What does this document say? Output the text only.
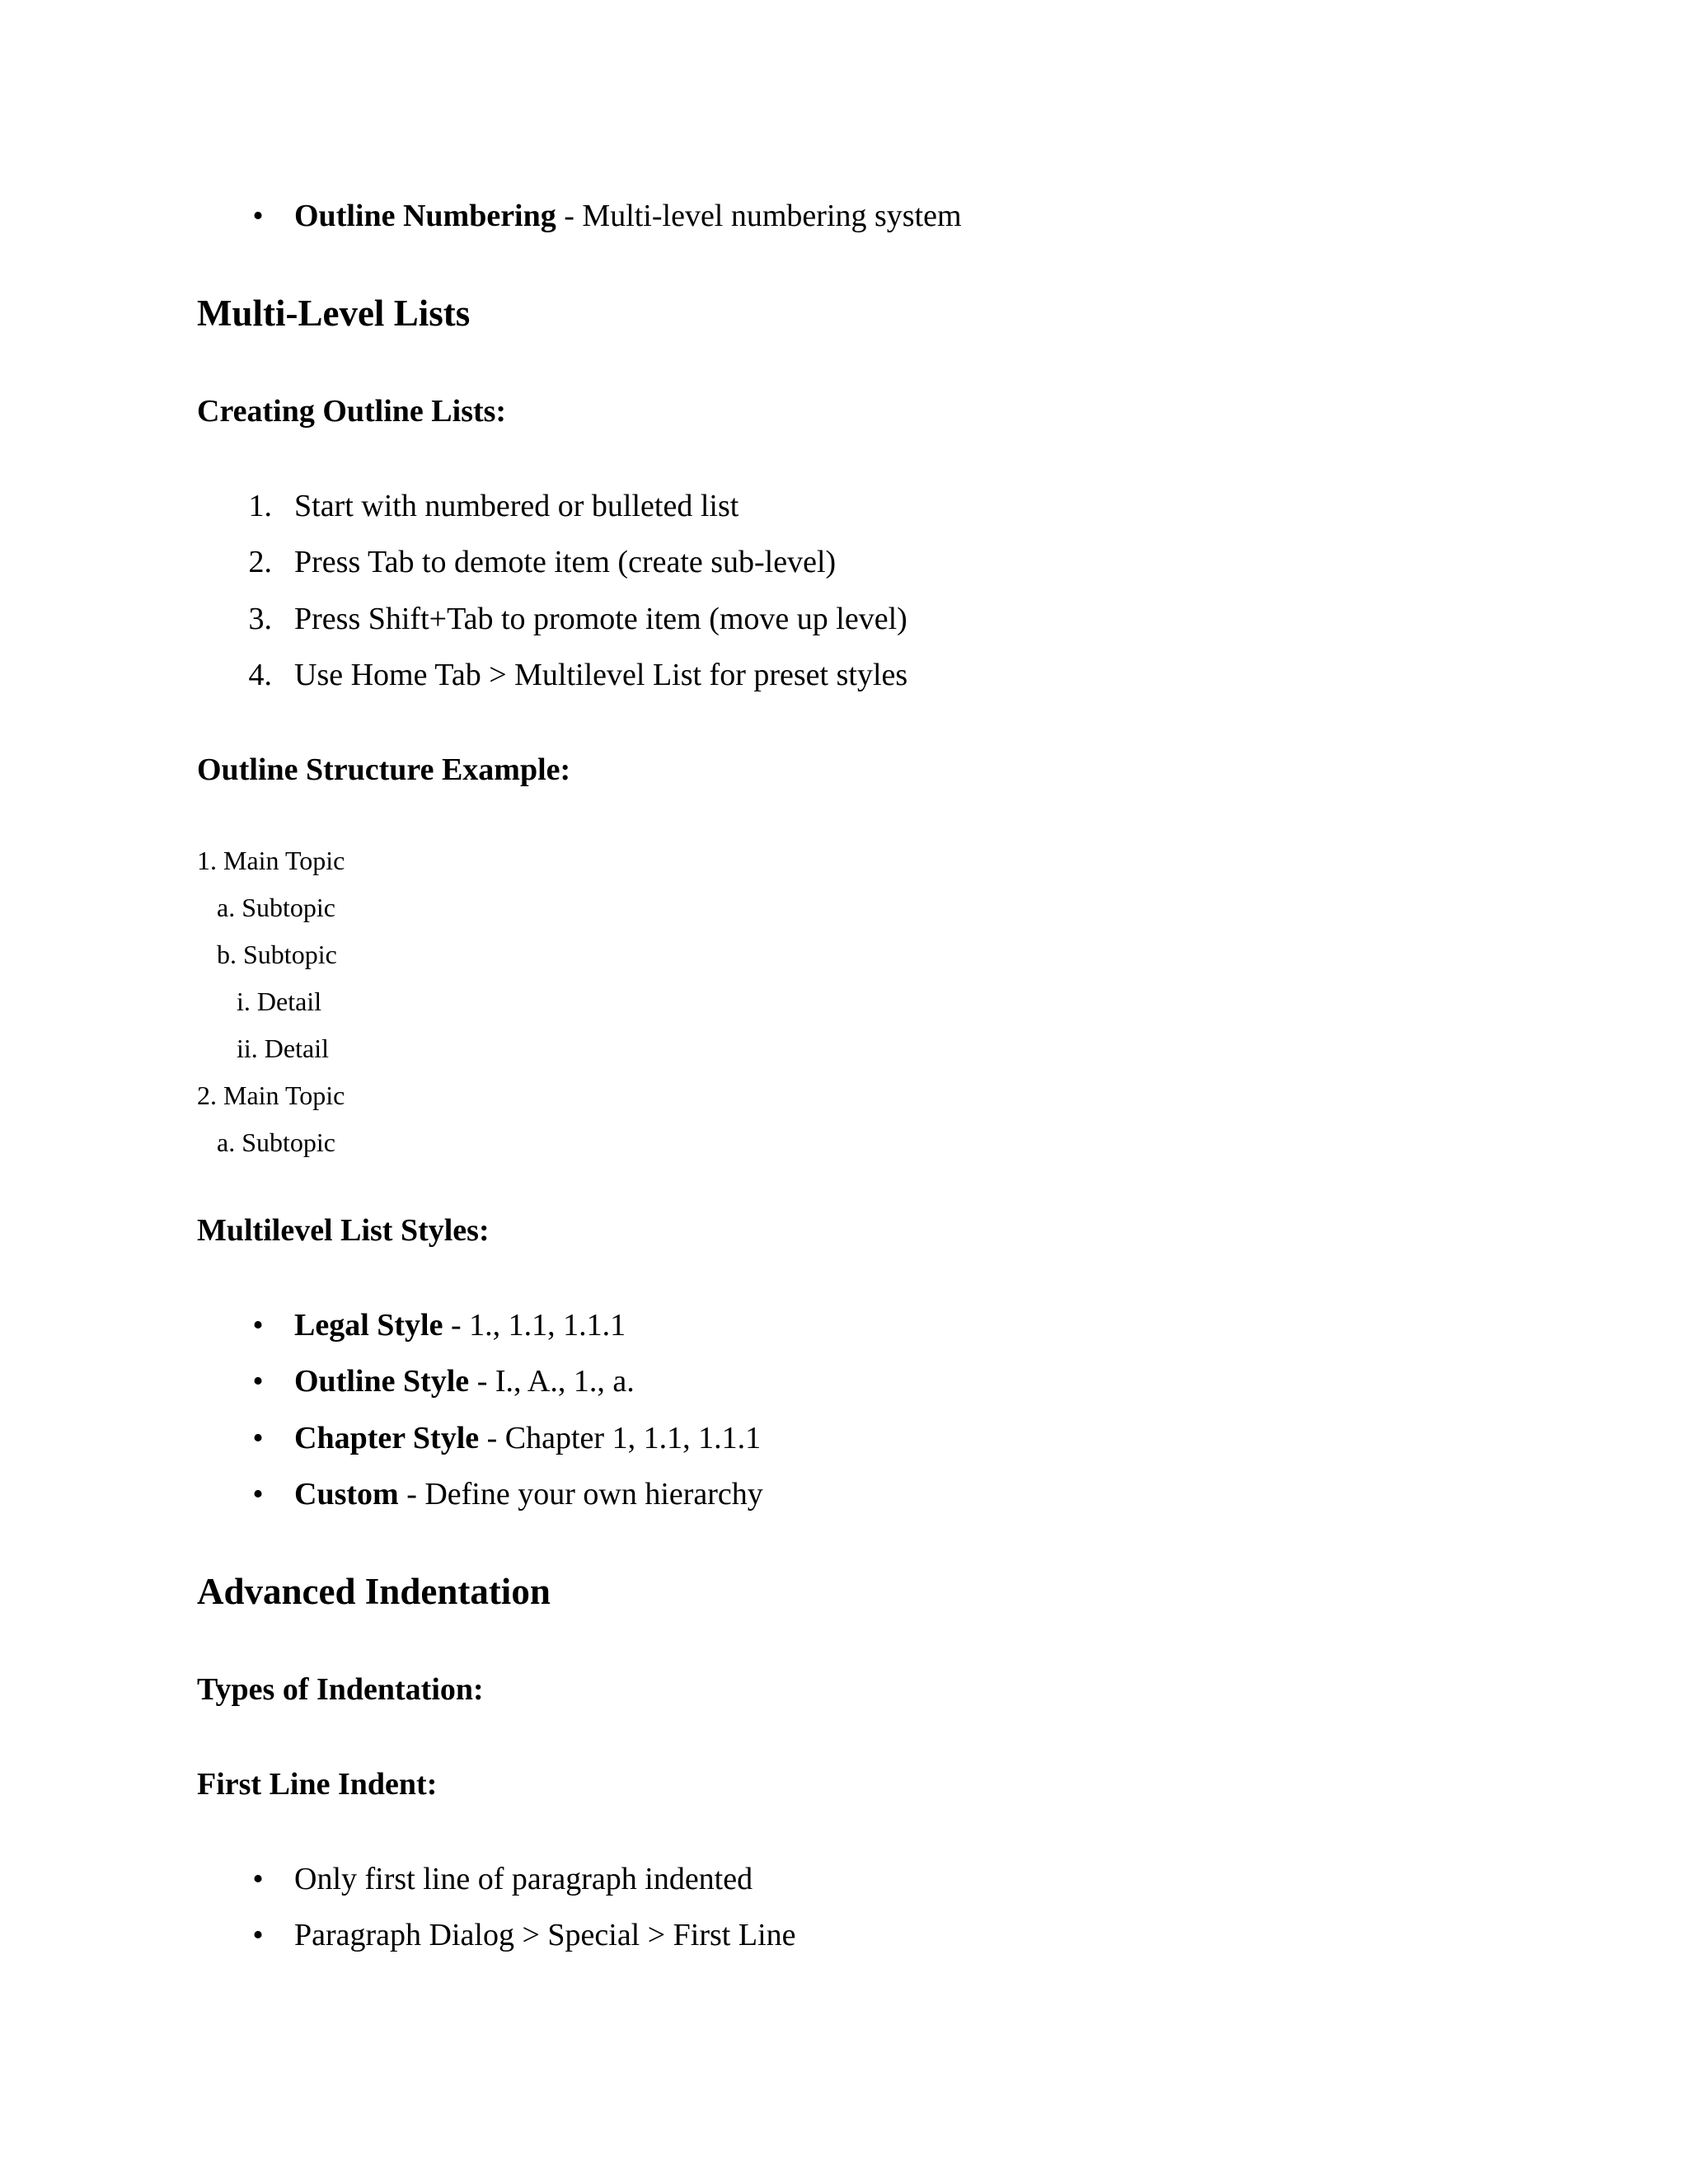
• Outline Numbering - Multi-level numbering system
Multi-Level Lists
Creating Outline Lists:
1. Start with numbered or bulleted list
2. Press Tab to demote item (create sub-level)
3. Press Shift+Tab to promote item (move up level)
4. Use Home Tab > Multilevel List for preset styles
Outline Structure Example:
1. Main Topic
a. Subtopic
b. Subtopic
i. Detail
ii. Detail
2. Main Topic
a. Subtopic
Multilevel List Styles:
• Legal Style - 1., 1.1, 1.1.1
• Outline Style - I., A., 1., a.
• Chapter Style - Chapter 1, 1.1, 1.1.1
• Custom - Define your own hierarchy
Advanced Indentation
Types of Indentation:
First Line Indent:
• Only first line of paragraph indented
• Paragraph Dialog > Special > First Line
